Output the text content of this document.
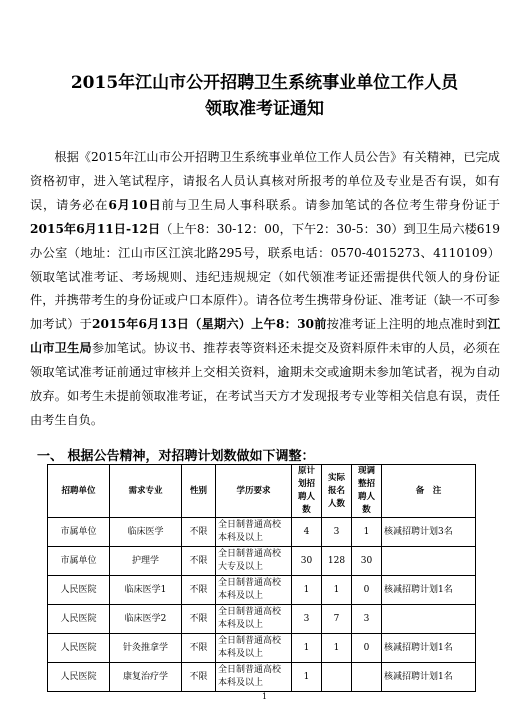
2015年江山市公开招聘卫生系统事业单位工作人员
领取准考证通知
根据《2015年江山市公开招聘卫生系统事业单位工作人员公告》有关精神，已完成资格初审，进入笔试程序，请报名人员认真核对所报考的单位及专业是否有误，如有误，请务必在6月10日前与卫生局人事科联系。请参加笔试的各位考生带身份证于2015年6月11日-12日（上午8：30-12：00，下午2：30-5：30）到卫生局六楼619办公室（地址：江山市区江滨北路295号，联系电话：0570-4015273、4110109）领取笔试准考证、考场规则、违纪违规规定（如代领准考证还需提供代领人的身份证件，并携带考生的身份证或户口本原件）。请各位考生携带身份证、准考证（缺一不可参加考试）于2015年6月13日（星期六）上午8：30前按准考证上注明的地点准时到江山市卫生局参加笔试。协议书、推荐表等资料还未提交及资料原件未审的人员，必须在领取笔试准考证前通过审核并上交相关资料，逾期未交或逾期未参加笔试者，视为自动放弃。如考生未提前领取准考证，在考试当天方才发现报考专业等相关信息有误，责任由考生自负。
一、 根据公告精神，对招聘计划数做如下调整：
招聘单位	需求专业	性别	学历要求	原计划招聘人数	实际报名人数	现调整招聘人数	备　注
市属单位	临床医学	不限	全日制普通高校本科及以上	4	3	1	核减招聘计划3名
市属单位	护理学	不限	全日制普通高校大专及以上	30	128	30	
人民医院	临床医学1	不限	全日制普通高校本科及以上	1	1	0	核减招聘计划1名
人民医院	临床医学2	不限	全日制普通高校本科及以上	3	7	3	
人民医院	针灸推拿学	不限	全日制普通高校本科及以上	1	1	0	核减招聘计划1名
人民医院	康复治疗学	不限	全日制普通高校本科及以上	1			核减招聘计划1名
1
